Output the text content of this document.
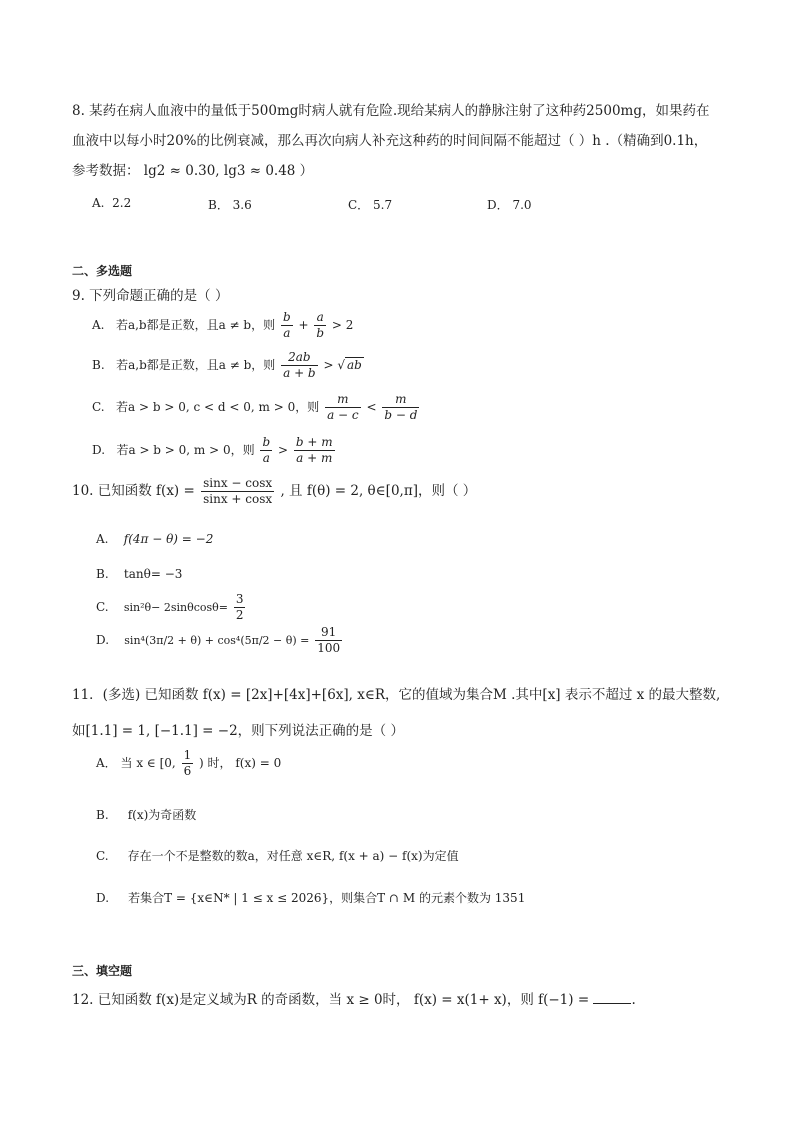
8. 某药在病人血液中的量低于500mg时病人就有危险.现给某病人的静脉注射了这种药2500mg，如果药在
血液中以每小时20%的比例衰减，那么再次向病人补充这种药的时间间隔不能超过（ ）h .（精确到0.1h，
参考数据： lg2 ≈ 0.30, lg3 ≈ 0.48 ）
A. 2.2	B． 3.6	C． 5.7	D． 7.0
二、多选题
9. 下列命题正确的是（ ）
A. 若a,b都是正数，且a ≠ b，则 $\frac{b}{a} + \frac{a}{b} > 2$
B. 若a,b都是正数，且a ≠ b，则 $\frac{2ab}{a + b}$ > √ ab
C. 若a > b > 0, c < d < 0, m > 0，则 $\frac{m}{a - c} < \frac{m}{b - d}$
D. 若a > b > 0, m > 0，则 $\frac{b}{a} > \frac{b + m}{a + m}$
10. 已知函数 $f(x) = \frac{\sin x - \cos x}{\sin x + \cos x}$ , 且 f(θ) = 2, θ∈[0,π]，则（ ）
A. f(4π − θ) = −2
B. tanθ= −3
C. $\sin^2\theta- 2\sin\theta\cos\theta= \frac{3}{2}$
D. $\sin^4(3\pi/2 + \theta) + \cos^4(5\pi/2 - \theta) = \frac{91}{100}$
11．(多选) 已知函数 f(x) = [2x]+[4x]+[6x], x∈R，它的值域为集合M .其中[x] 表示不超过 x 的最大整数,
如[1.1] = 1, [−1.1] = −2，则下列说法正确的是（ ）
A． 当 x ∈ [0, $\frac{1}{6}$ ) 时， f(x) = 0
B. f(x)为奇函数
C. 存在一个不是整数的数a，对任意 x∈R, f(x + a) − f(x)为定值
D. 若集合T = {x∈N* | 1 ≤ x ≤ 2026}，则集合T ∩ M 的元素个数为 1351
三、填空题
12. 已知函数 f(x)是定义域为R 的奇函数，当 x ≥ 0时， f(x) = x(1+ x)，则 f(−1) =	.
